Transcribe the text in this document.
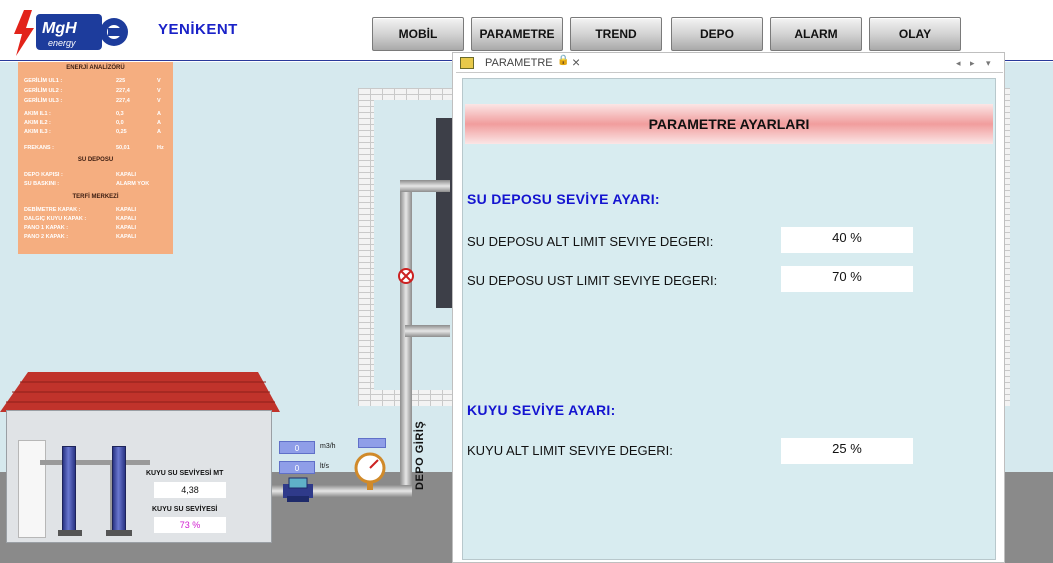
MgH
energy
YENİKENT	MOBİL	PARAMETRE	TREND	DEPO	ALARM	OLAY
ENERJİ ANALİZÖRÜ
GERİLİM UL1 :	225	V
GERİLİM UL2 :	227,4	V
GERİLİM UL3 :	227,4	V
AKIM IL1 :	0,3	A
AKIM IL2 :	0,0	A
AKIM IL3 :	0,25	A
FREKANS :	50,01	Hz
SU DEPOSU
DEPO KAPISI :	KAPALI
SU BASKINI :	ALARM YOK
TERFİ MERKEZİ
DEBİMETRE KAPAK :	KAPALI
DALGIÇ KUYU KAPAK :	KAPALI
PANO 1 KAPAK :	KAPALI
PANO 2 KAPAK :	KAPALI
KUYU SU SEVİYESİ MT
4,38
KUYU SU SEVİYESİ
73 %
0	m3/h
0	lt/s	DEPO GİRİŞ
PARAMETRE 🔒 ×	◂ ▸ ▾
PARAMETRE AYARLARI
SU DEPOSU SEVİYE AYARI:
SU DEPOSU ALT LIMIT SEVIYE DEGERI:	40 %
SU DEPOSU UST LIMIT SEVIYE DEGERI:	70 %
KUYU SEVİYE AYARI:
KUYU ALT LIMIT SEVIYE DEGERI:	25 %
